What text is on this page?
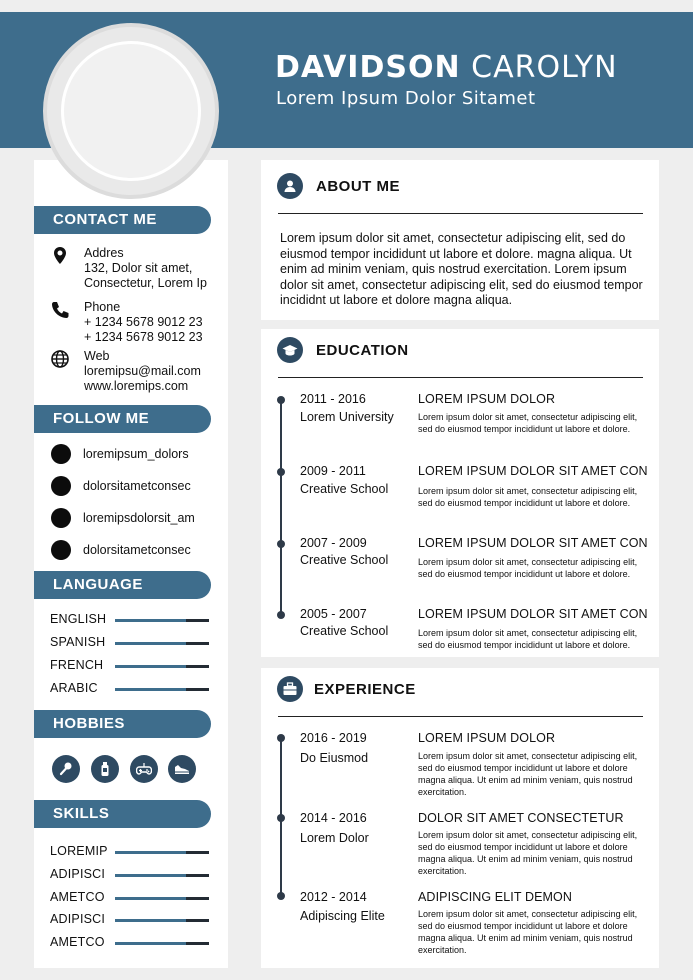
DAVIDSON CAROLYN
Lorem Ipsum Dolor Sitamet
CONTACT ME
Addres
132, Dolor sit amet,
Consectetur, Lorem Ip
Phone
+ 1234 5678 9012 23
+ 1234 5678 9012 23
Web
loremipsu@mail.com
www.loremips.com
FOLLOW ME
loremipsum_dolors
dolorsitametconsec
loremipsdolorsit_am
dolorsitametconsec
LANGUAGE
ENGLISH
SPANISH
FRENCH
ARABIC
HOBBIES
SKILLS
LOREMIP
ADIPISCI
AMETCO
ADIPISCI
AMETCO
ABOUT ME
Lorem ipsum dolor sit amet, consectetur adipiscing elit, sed do eiusmod tempor incididunt ut labore et dolore. magna aliqua. Ut enim ad minim veniam, quis nostrud exercitation. Lorem ipsum dolor sit amet, consectetur adipiscing elit, sed do eiusmod tempor incididnt ut labore et dolore magna aliqua.
EDUCATION
2011 - 2016
Lorem University
LOREM IPSUM DOLOR
Lorem ipsum dolor sit amet, consectetur adipiscing elit, sed do eiusmod tempor incididunt ut labore et dolore.
2009 - 2011
Creative School
LOREM IPSUM DOLOR SIT AMET CON
Lorem ipsum dolor sit amet, consectetur adipiscing elit, sed do eiusmod tempor incididunt ut labore et dolore.
2007 - 2009
Creative School
LOREM IPSUM DOLOR SIT AMET CON
Lorem ipsum dolor sit amet, consectetur adipiscing elit, sed do eiusmod tempor incididunt ut labore et dolore.
2005 - 2007
Creative School
LOREM IPSUM DOLOR SIT AMET CON
Lorem ipsum dolor sit amet, consectetur adipiscing elit, sed do eiusmod tempor incididunt ut labore et dolore.
EXPERIENCE
2016 - 2019
Do Eiusmod
LOREM IPSUM DOLOR
Lorem ipsum dolor sit amet, consectetur adipiscing elit, sed do eiusmod tempor incididunt ut labore et dolore magna aliqua. Ut enim ad minim veniam, quis nostrud exercitation.
2014 - 2016
Lorem Dolor
DOLOR SIT AMET CONSECTETUR
Lorem ipsum dolor sit amet, consectetur adipiscing elit, sed do eiusmod tempor incididunt ut labore et dolore magna aliqua. Ut enim ad minim veniam, quis nostrud exercitation.
2012 - 2014
Adipiscing Elite
ADIPISCING ELIT DEMON
Lorem ipsum dolor sit amet, consectetur adipiscing elit, sed do eiusmod tempor incididunt ut labore et dolore magna aliqua. Ut enim ad minim veniam, quis nostrud exercitation.
